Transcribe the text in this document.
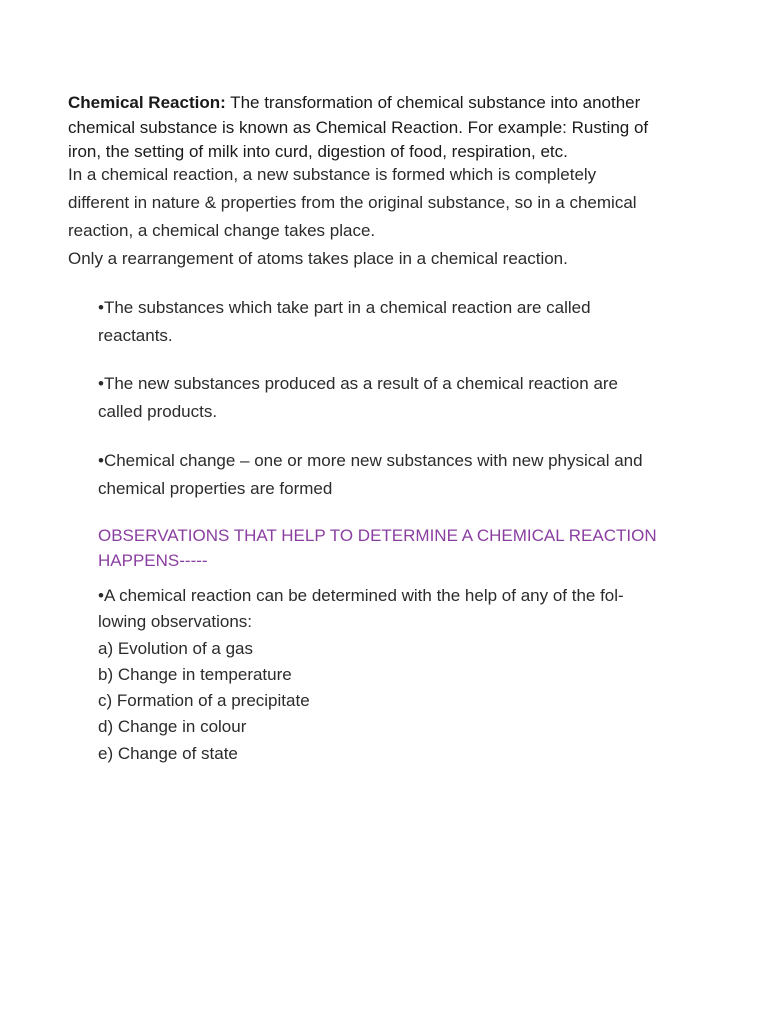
Chemical Reaction: The transformation of chemical substance into another
chemical substance is known as Chemical Reaction. For example: Rusting of
iron, the setting of milk into curd, digestion of food, respiration, etc.
In a chemical reaction, a new substance is formed which is completely
different in nature & properties from the original substance, so in a chemical
reaction, a chemical change takes place.
Only a rearrangement of atoms takes place in a chemical reaction.
•The substances which take part in a chemical reaction are called
reactants.
•The new substances produced as a result of a chemical reaction are
called products.
•Chemical change – one or more new substances with new physical and
chemical properties are formed
OBSERVATIONS THAT HELP TO DETERMINE A CHEMICAL REACTION
HAPPENS-----
•A chemical reaction can be determined with the help of any of the fol-
lowing observations:
a) Evolution of a gas
b) Change in temperature
c) Formation of a precipitate
d) Change in colour
e) Change of state
